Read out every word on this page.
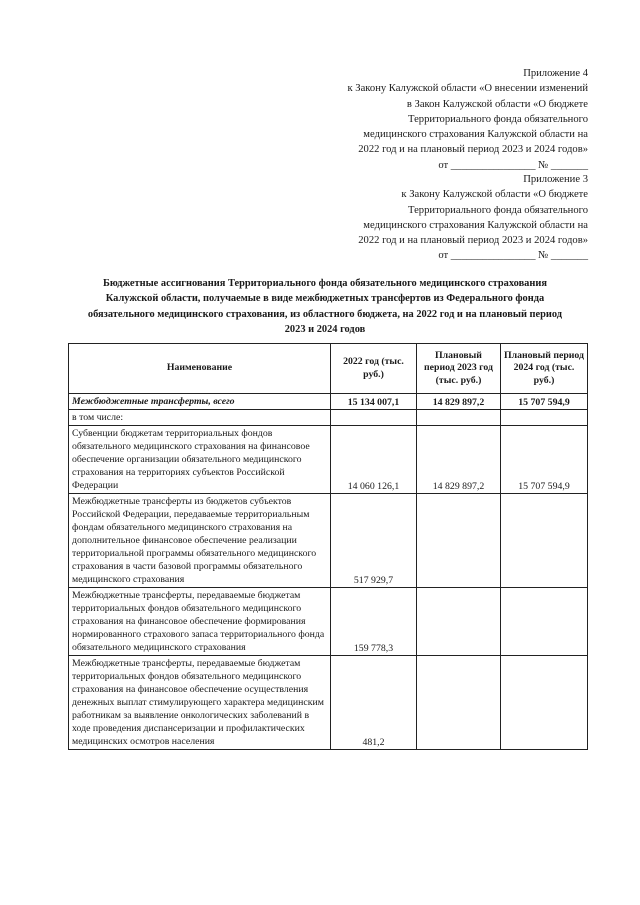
Приложение 4
к Закону Калужской области «О внесении изменений
в Закон Калужской области «О бюджете
Территориального фонда обязательного
медицинского страхования Калужской области на
2022 год и на плановый период 2023 и 2024 годов»
от ________________ № _______
Приложение 3
к Закону Калужской области «О бюджете
Территориального фонда обязательного
медицинского страхования Калужской области на
2022 год и на плановый период 2023 и 2024 годов»
от ________________ № _______
Бюджетные ассигнования Территориального фонда обязательного медицинского страхования
Калужской области, получаемые в виде межбюджетных трансфертов из Федерального фонда
обязательного медицинского страхования, из областного бюджета, на 2022 год и на плановый период
2023 и 2024 годов
Наименование	2022 год (тыс. руб.)	Плановый период 2023 год (тыс. руб.)	Плановый период 2024 год (тыс. руб.)
Межбюджетные трансферты, всего	15 134 007,1	14 829 897,2	15 707 594,9
в том числе:			
Субвенции бюджетам территориальных фондов обязательного медицинского страхования на финансовое обеспечение организации обязательного медицинского страхования на территориях субъектов Российской Федерации	14 060 126,1	14 829 897,2	15 707 594,9
Межбюджетные трансферты из бюджетов субъектов Российской Федерации, передаваемые территориальным фондам обязательного медицинского страхования на дополнительное финансовое обеспечение реализации территориальной программы обязательного медицинского страхования в части базовой программы обязательного медицинского страхования	517 929,7		
Межбюджетные трансферты, передаваемые бюджетам территориальных фондов обязательного медицинского страхования на финансовое обеспечение формирования нормированного страхового запаса территориального фонда обязательного медицинского страхования	159 778,3		
Межбюджетные трансферты, передаваемые бюджетам территориальных фондов обязательного медицинского страхования на финансовое обеспечение осуществления денежных выплат стимулирующего характера медицинским работникам за выявление онкологических заболеваний в ходе проведения диспансеризации и профилактических медицинских осмотров населения	481,2		
